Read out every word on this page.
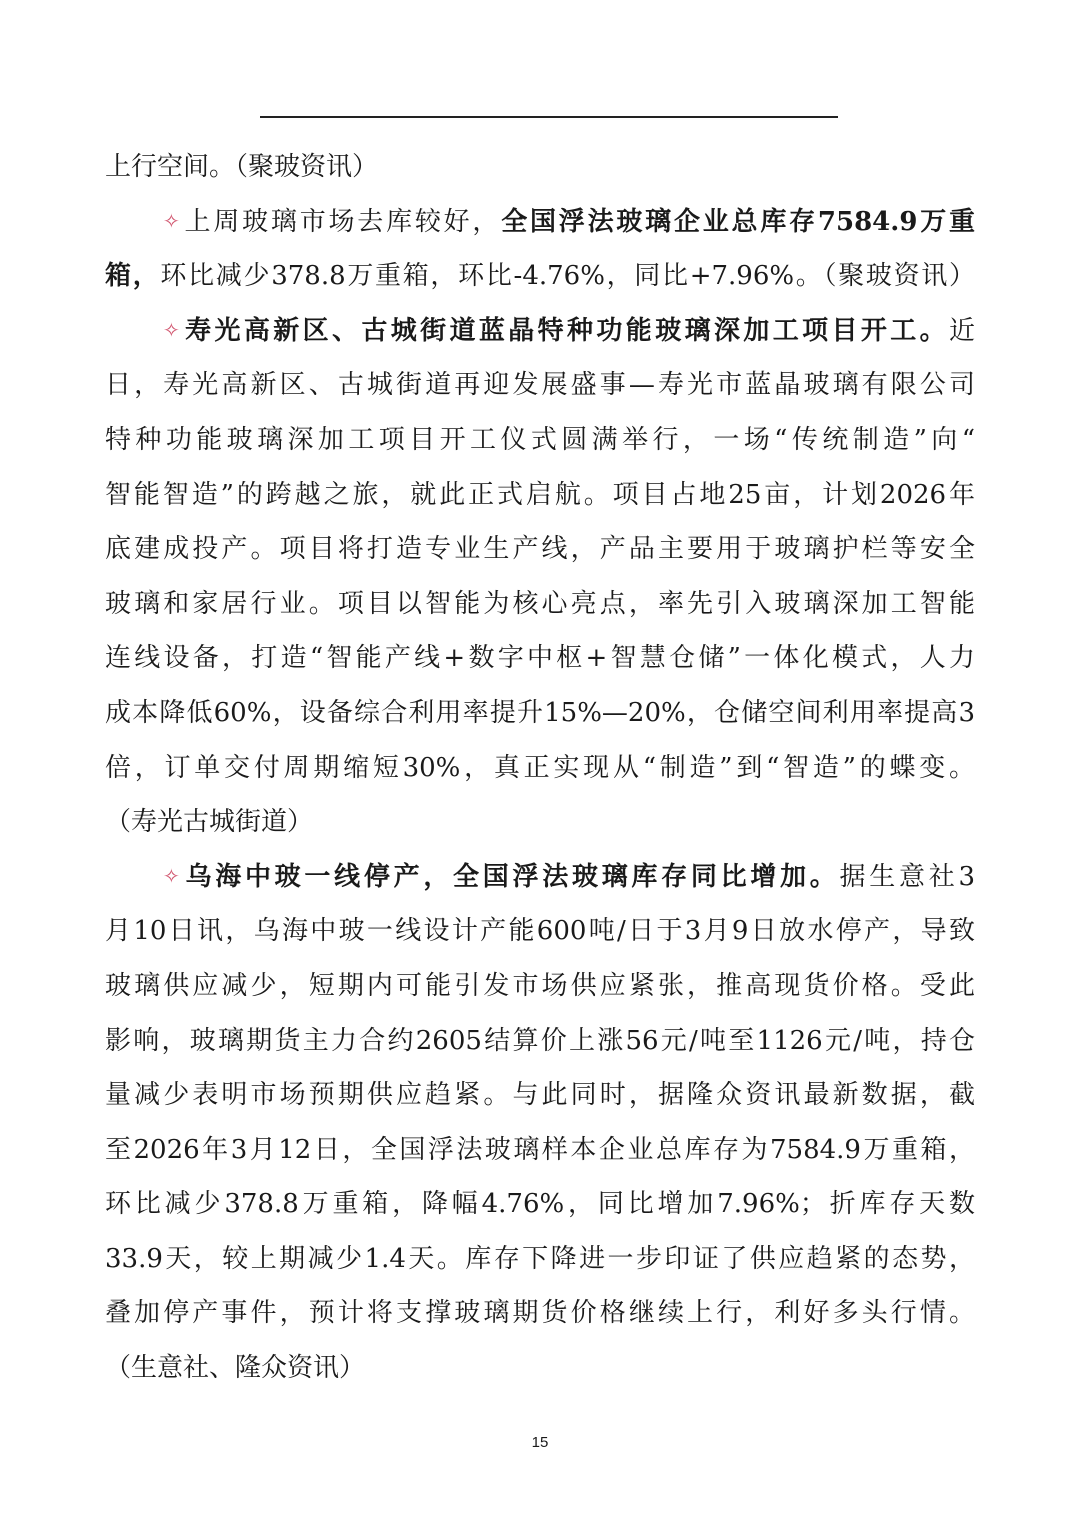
上行空间。（聚玻资讯）
✧上周玻璃市场去库较好，全国浮法玻璃企业总库存7584.9万重
箱，环比减少378.8万重箱，环比-4.76%，同比+7.96%。（聚玻资讯）
✧寿光高新区、古城街道蓝晶特种功能玻璃深加工项目开工。近
日，寿光高新区、古城街道再迎发展盛事—寿光市蓝晶玻璃有限公司
特种功能玻璃深加工项目开工仪式圆满举行，一场“传统制造”向“
智能智造”的跨越之旅，就此正式启航。项目占地25亩，计划2026年
底建成投产。项目将打造专业生产线，产品主要用于玻璃护栏等安全
玻璃和家居行业。项目以智能为核心亮点，率先引入玻璃深加工智能
连线设备，打造“智能产线+数字中枢+智慧仓储”一体化模式，人力
成本降低60%，设备综合利用率提升15%—20%，仓储空间利用率提高3
倍，订单交付周期缩短30%，真正实现从“制造”到“智造”的蝶变。
（寿光古城街道）
✧乌海中玻一线停产，全国浮法玻璃库存同比增加。据生意社3
月10日讯，乌海中玻一线设计产能600吨/日于3月9日放水停产，导致
玻璃供应减少，短期内可能引发市场供应紧张，推高现货价格。受此
影响，玻璃期货主力合约2605结算价上涨56元/吨至1126元/吨，持仓
量减少表明市场预期供应趋紧。与此同时，据隆众资讯最新数据，截
至2026年3月12日，全国浮法玻璃样本企业总库存为7584.9万重箱，
环比减少378.8万重箱，降幅4.76%，同比增加7.96%；折库存天数
33.9天，较上期减少1.4天。库存下降进一步印证了供应趋紧的态势，
叠加停产事件，预计将支撑玻璃期货价格继续上行，利好多头行情。
（生意社、隆众资讯）
15
